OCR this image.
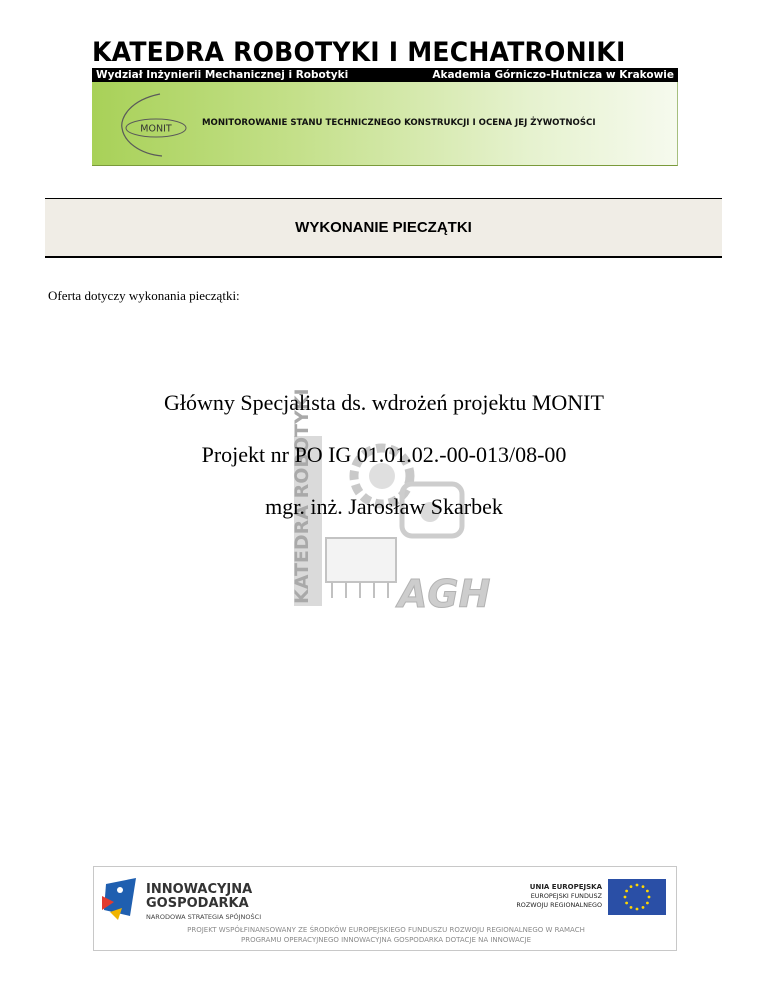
KATEDRA ROBOTYKI I MECHATRONIKI
Wydział Inżynierii Mechanicznej i Robotyki	Akademia Górniczo-Hutnicza w Krakowie
MONIT
MONITOROWANIE STANU TECHNICZNEGO KONSTRUKCJI I OCENA JEJ ŻYWOTNOŚCI
WYKONANIE PIECZĄTKI
Oferta dotyczy wykonania pieczątki:
KATEDRA ROBOTYKI AGH
Główny Specjalista ds. wdrożeń projektu MONIT
Projekt nr PO IG 01.01.02.-00-013/08-00
mgr. inż. Jarosław Skarbek
INNOWACYJNA
GOSPODARKA
NARODOWA STRATEGIA SPÓJNOŚCI
UNIA EUROPEJSKA
EUROPEJSKI FUNDUSZ
ROZWOJU REGIONALNEGO
PROJEKT WSPÓŁFINANSOWANY ZE ŚRODKÓW EUROPEJSKIEGO FUNDUSZU ROZWOJU REGIONALNEGO W RAMACH
PROGRAMU OPERACYJNEGO INNOWACYJNA GOSPODARKA DOTACJE NA INNOWACJE
